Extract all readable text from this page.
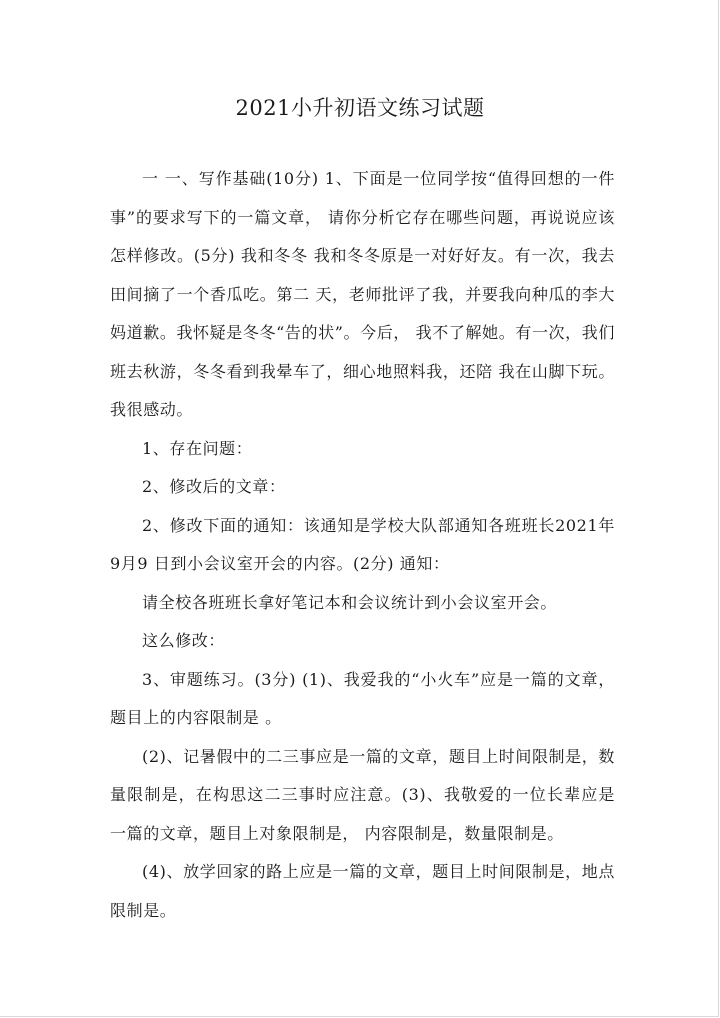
2021小升初语文练习试题

一 一、写作基础(10分) 1、下面是一位同学按“值得回想的一件事”的要求写下的一篇文章， 请你分析它存在哪些问题，再说说应该怎样修改。(5分) 我和冬冬 我和冬冬原是一对好好友。有一次，我去田间摘了一个香瓜吃。第二 天，老师批评了我，并要我向种瓜的李大妈道歉。我怀疑是冬冬“告的状”。今后， 我不了解她。有一次，我们班去秋游，冬冬看到我晕车了，细心地照料我，还陪 我在山脚下玩。我很感动。

1、存在问题：

2、修改后的文章：

2、修改下面的通知：该通知是学校大队部通知各班班长2021年9月9 日到小会议室开会的内容。(2分) 通知：

请全校各班班长拿好笔记本和会议统计到小会议室开会。

这么修改：

3、审题练习。(3分) (1)、我爱我的“小火车”应是一篇的文章，题目上的内容限制是 。

(2)、记暑假中的二三事应是一篇的文章，题目上时间限制是，数量限制是，在构思这二三事时应注意。(3)、我敬爱的一位长辈应是一篇的文章，题目上对象限制是， 内容限制是，数量限制是。

(4)、放学回家的路上应是一篇的文章，题目上时间限制是，地点限制是。
